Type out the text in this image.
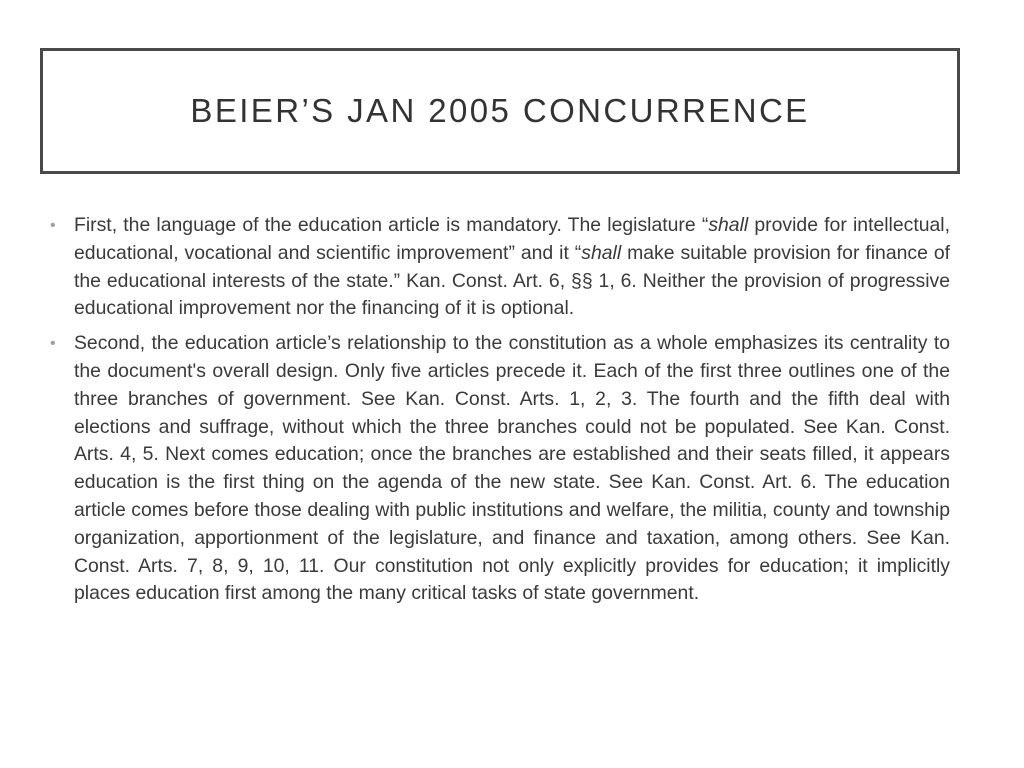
BEIER’S JAN 2005 CONCURRENCE
• First, the language of the education article is mandatory. The legislature “shall provide for intellectual, educational, vocational and scientific improvement” and it “shall make suitable provision for finance of the educational interests of the state.” Kan. Const. Art. 6, §§ 1, 6. Neither the provision of progressive educational improvement nor the financing of it is optional.
• Second, the education article’s relationship to the constitution as a whole emphasizes its centrality to the document's overall design. Only five articles precede it. Each of the first three outlines one of the three branches of government. See Kan. Const. Arts. 1, 2, 3. The fourth and the fifth deal with elections and suffrage, without which the three branches could not be populated. See Kan. Const. Arts. 4, 5. Next comes education; once the branches are established and their seats filled, it appears education is the first thing on the agenda of the new state. See Kan. Const. Art. 6. The education article comes before those dealing with public institutions and welfare, the militia, county and township organization, apportionment of the legislature, and finance and taxation, among others. See Kan. Const. Arts. 7, 8, 9, 10, 11. Our constitution not only explicitly provides for education; it implicitly places education first among the many critical tasks of state government.
